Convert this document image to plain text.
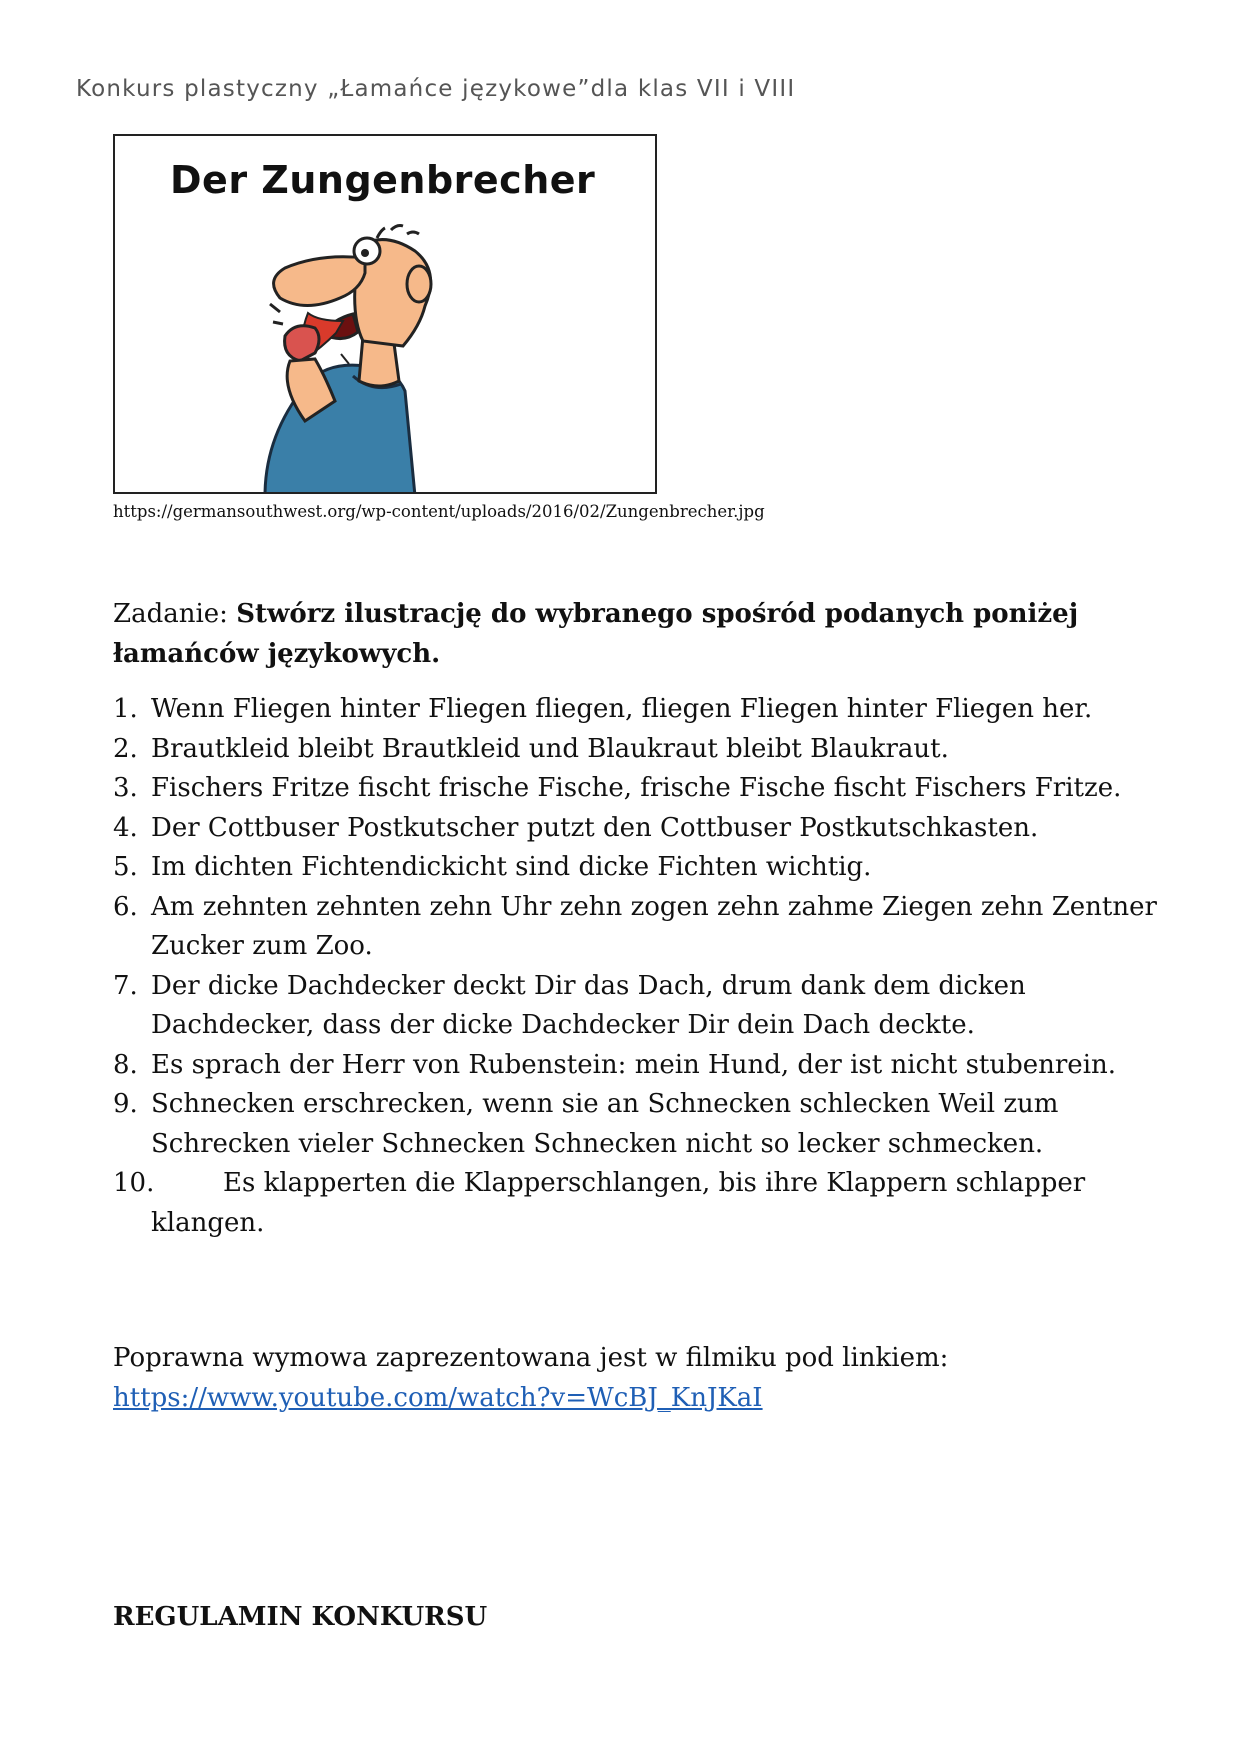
Konkurs plastyczny „Łamańce językowe”dla klas VII i VIII
Der Zungenbrecher
https://germansouthwest.org/wp-content/uploads/2016/02/Zungenbrecher.jpg
Zadanie: Stwórz ilustrację do wybranego spośród podanych poniżej łamańców językowych.
1. Wenn Fliegen hinter Fliegen fliegen, fliegen Fliegen hinter Fliegen her.
2. Brautkleid bleibt Brautkleid und Blaukraut bleibt Blaukraut.
3. Fischers Fritze fischt frische Fische, frische Fische fischt Fischers Fritze.
4. Der Cottbuser Postkutscher putzt den Cottbuser Postkutschkasten.
5. Im dichten Fichtendickicht sind dicke Fichten wichtig.
6. Am zehnten zehnten zehn Uhr zehn zogen zehn zahme Ziegen zehn Zentner Zucker zum Zoo.
7. Der dicke Dachdecker deckt Dir das Dach, drum dank dem dicken Dachdecker, dass der dicke Dachdecker Dir dein Dach deckte.
8. Es sprach der Herr von Rubenstein: mein Hund, der ist nicht stubenrein.
9. Schnecken erschrecken, wenn sie an Schnecken schlecken Weil zum Schrecken vieler Schnecken Schnecken nicht so lecker schmecken.
10.	Es klapperten die Klapperschlangen, bis ihre Klappern schlapper klangen.
Poprawna wymowa zaprezentowana jest w filmiku pod linkiem:
https://www.youtube.com/watch?v=WcBJ_KnJKaI
REGULAMIN KONKURSU
